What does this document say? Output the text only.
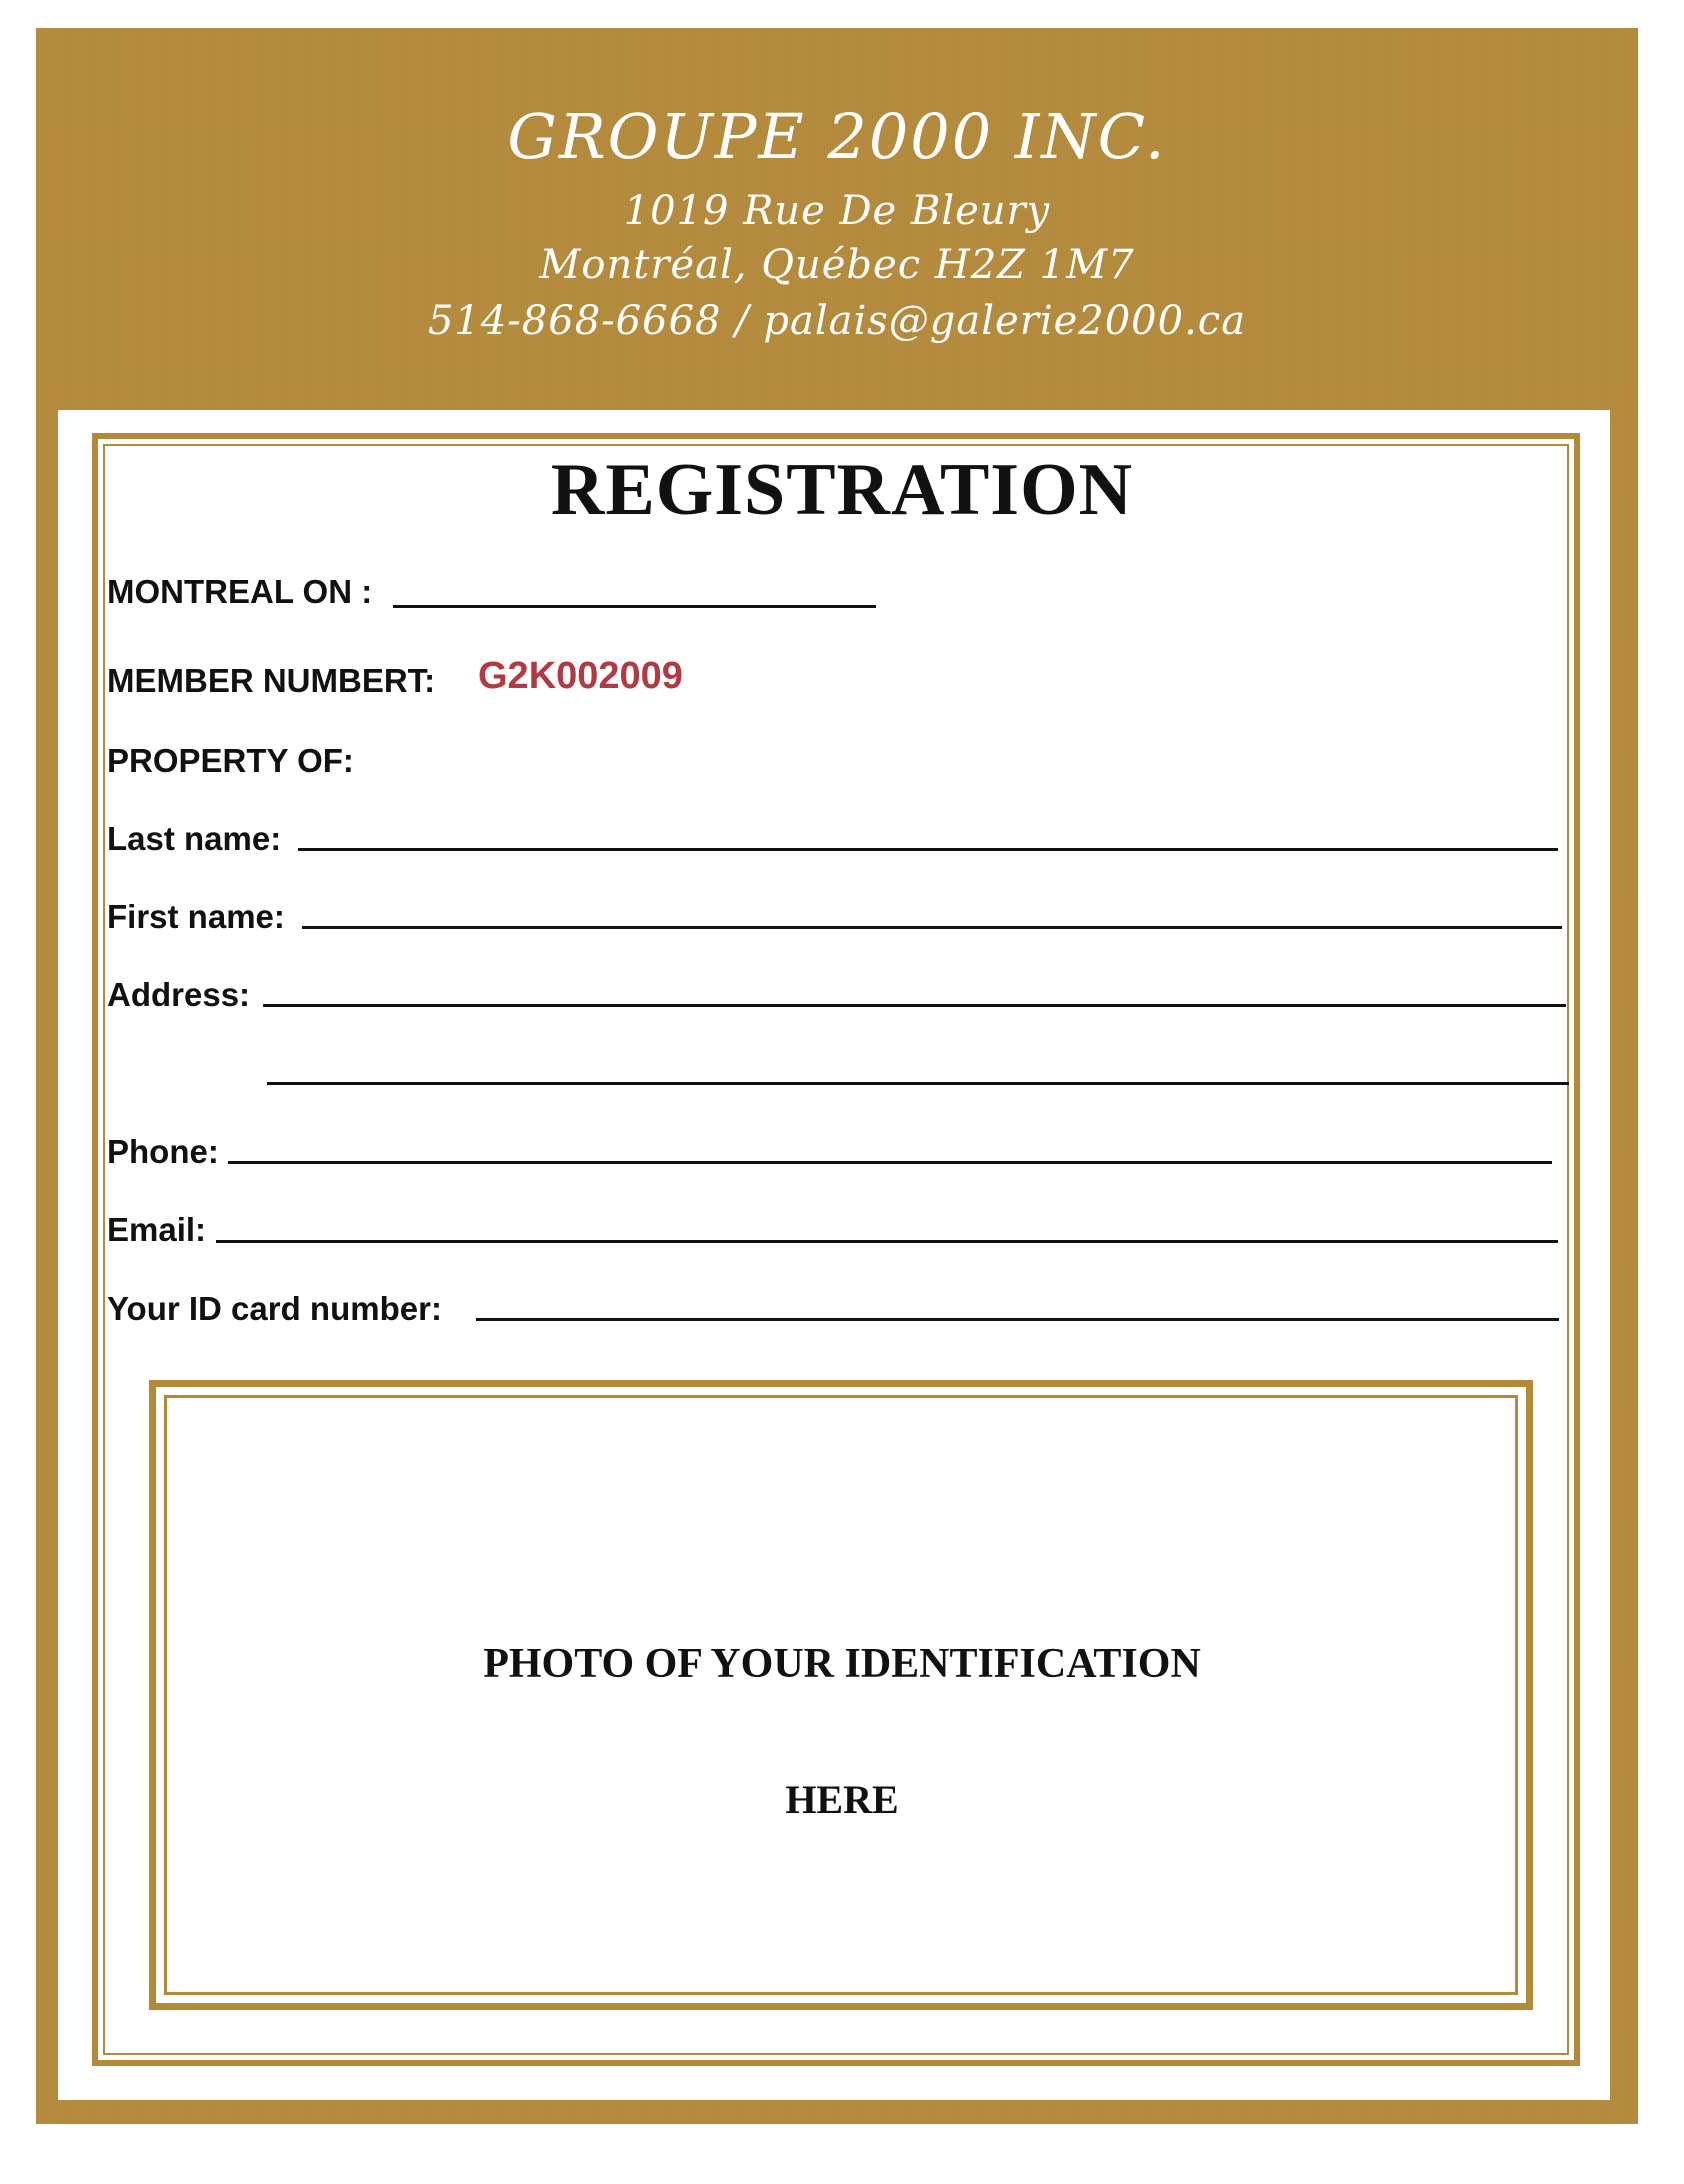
GROUPE 2000 INC.
1019 Rue De Bleury
Montréal, Québec H2Z 1M7
514-868-6668 / palais@galerie2000.ca
REGISTRATION
MONTREAL ON :
MEMBER NUMBERT: G2K002009
PROPERTY OF:
Last name:
First name:
Address:
Phone:
Email:
Your ID card number:
PHOTO OF YOUR IDENTIFICATION
HERE
